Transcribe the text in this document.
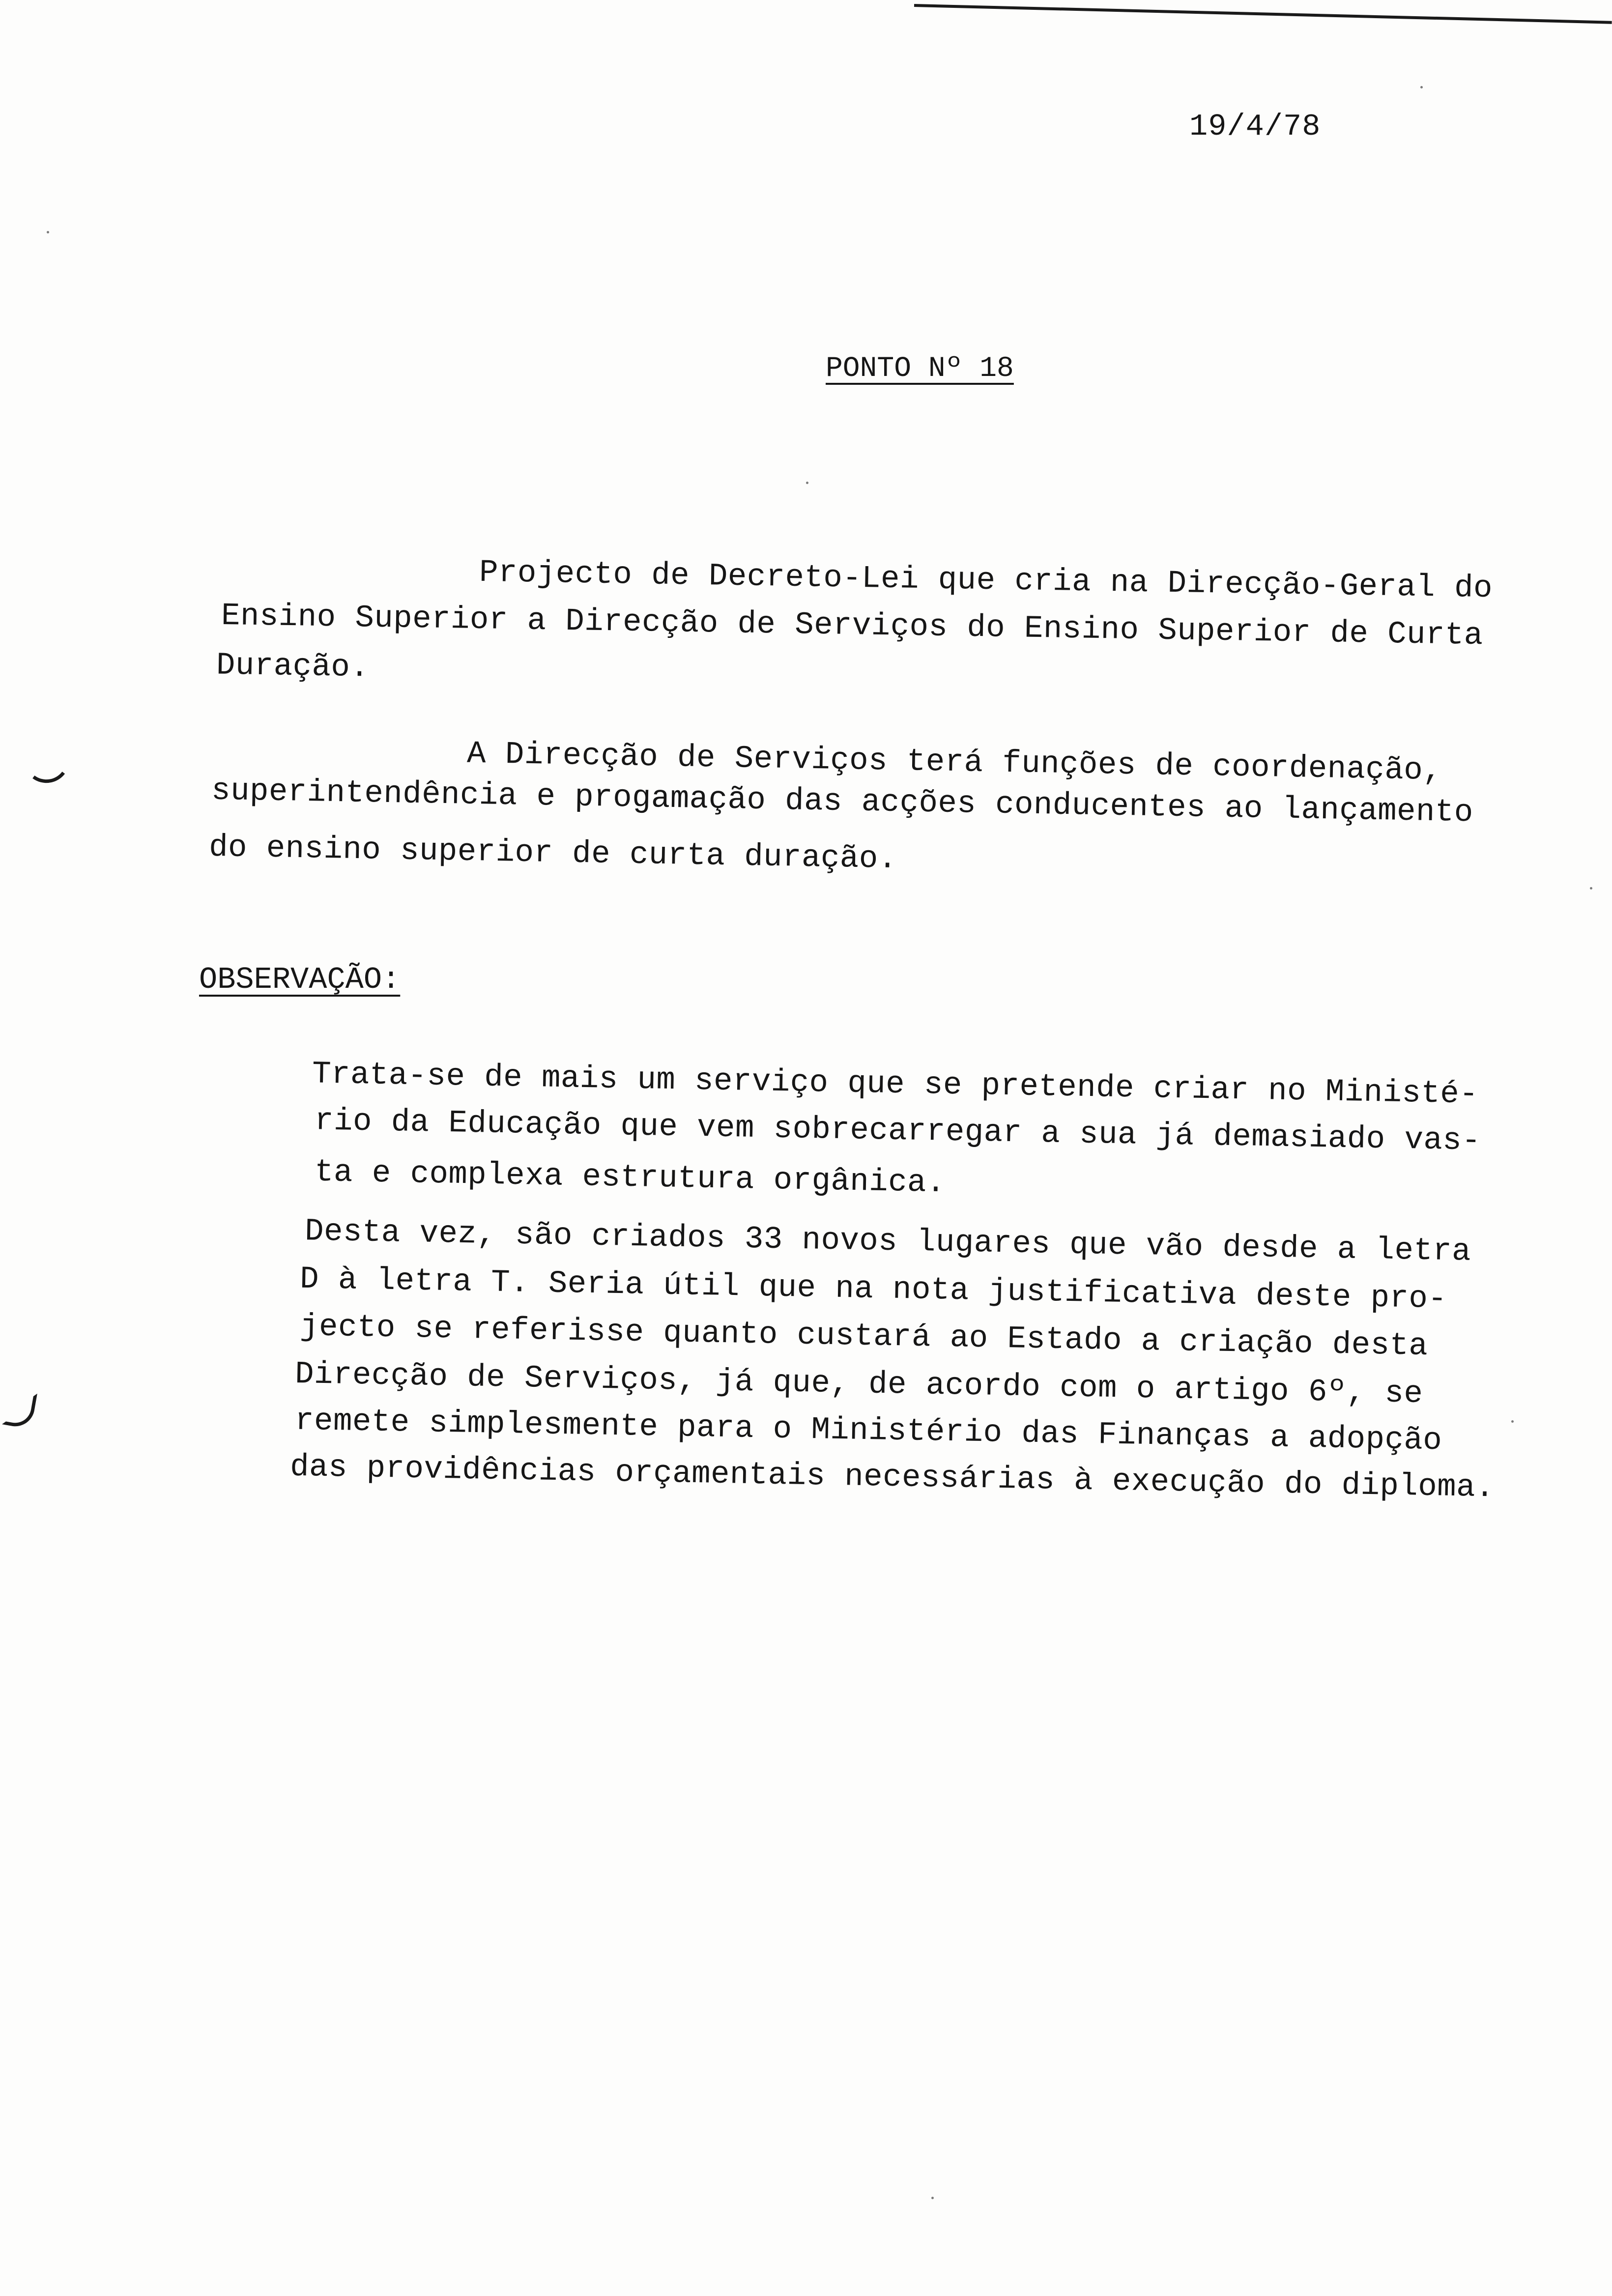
19/4/78
PONTO Nº 18
Projecto de Decreto-Lei que cria na Direcção-Geral do
Ensino Superior a Direcção de Serviços do Ensino Superior de Curta
Duração.
A Direcção de Serviços terá funções de coordenação,
superintendência e progamação das acções conducentes ao lançamento
do ensino superior de curta duração.
OBSERVAÇÃO:
Trata-se de mais um serviço que se pretende criar no Ministé-
rio da Educação que vem sobrecarregar a sua já demasiado vas-
ta e complexa estrutura orgânica.
Desta vez, são criados 33 novos lugares que vão desde a letra
D à letra T. Seria útil que na nota justificativa deste pro-
jecto se referisse quanto custará ao Estado a criação desta
Direcção de Serviços, já que, de acordo com o artigo 6º, se
remete simplesmente para o Ministério das Finanças a adopção
das providências orçamentais necessárias à execução do diploma.
